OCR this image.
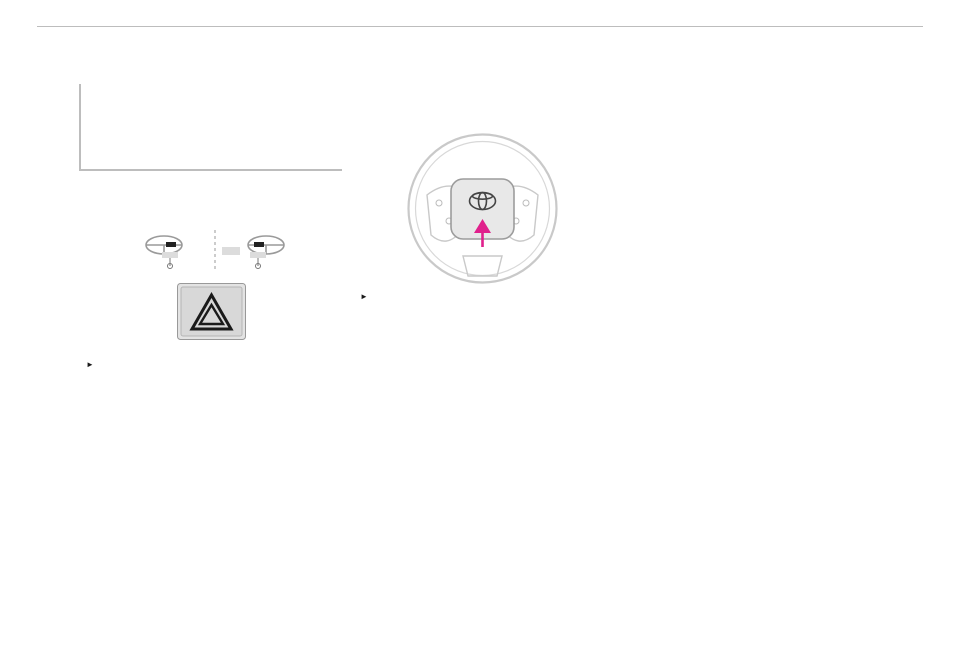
►

►
